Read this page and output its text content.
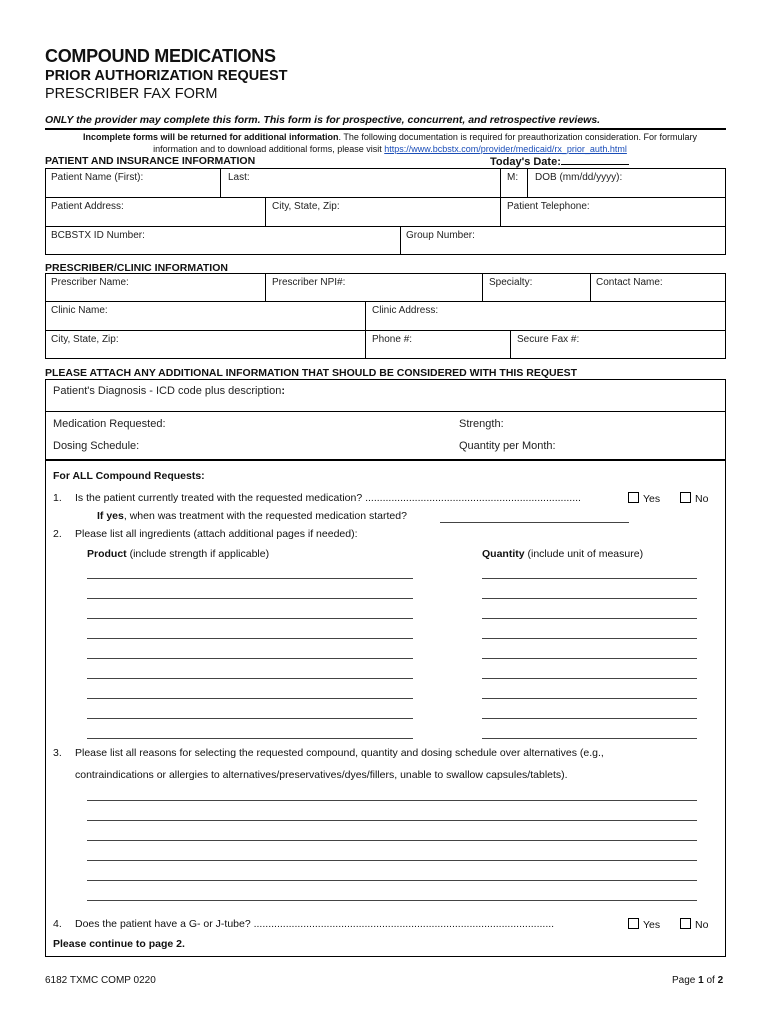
COMPOUND MEDICATIONS
PRIOR AUTHORIZATION REQUEST
PRESCRIBER FAX FORM
ONLY the provider may complete this form. This form is for prospective, concurrent, and retrospective reviews.
Incomplete forms will be returned for additional information. The following documentation is required for preauthorization consideration. For formulary information and to download additional forms, please visit https://www.bcbstx.com/provider/medicaid/rx_prior_auth.html
PATIENT AND INSURANCE INFORMATION	Today's Date:
Patient Name (First):	Last:	M: DOB (mm/dd/yyyy):
Patient Address:	City, State, Zip:	Patient Telephone:
BCBSTX ID Number:	Group Number:
PRESCRIBER/CLINIC INFORMATION
Prescriber Name:	Prescriber NPI#:	Specialty:	Contact Name:
Clinic Name:	Clinic Address:
City, State, Zip:	Phone #:	Secure Fax #:
PLEASE ATTACH ANY ADDITIONAL INFORMATION THAT SHOULD BE CONSIDERED WITH THIS REQUEST
Patient's Diagnosis - ICD code plus description:
Medication Requested:	Strength:
Dosing Schedule:	Quantity per Month:
For ALL Compound Requests:
1. Is the patient currently treated with the requested medication? ..........................................................................	Yes	No
If yes, when was treatment with the requested medication started?
2. Please list all ingredients (attach additional pages if needed):
Product (include strength if applicable)	Quantity (include unit of measure)
3. Please list all reasons for selecting the requested compound, quantity and dosing schedule over alternatives (e.g.,
contraindications or allergies to alternatives/preservatives/dyes/fillers, unable to swallow capsules/tablets).
4. Does the patient have a G- or J-tube? .......................................................................................................	Yes	No
Please continue to page 2.
6182 TXMC COMP 0220	Page 1 of 2
